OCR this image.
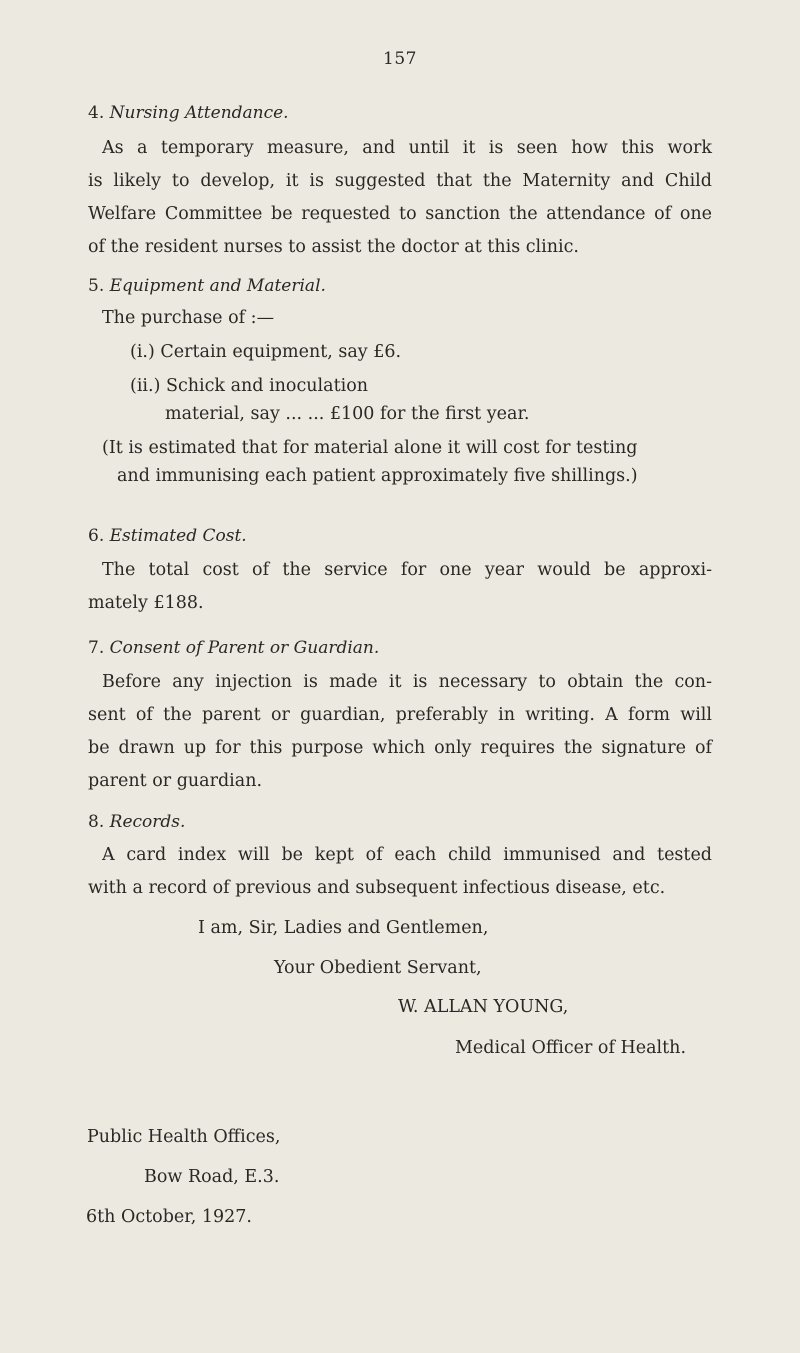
157
4. Nursing Attendance.
As a temporary measure, and until it is seen how this work
is likely to develop, it is suggested that the Maternity and Child
Welfare Committee be requested to sanction the attendance of one
of the resident nurses to assist the doctor at this clinic.
5. Equipment and Material.
The purchase of :—
(i.) Certain equipment, say £6.
(ii.) Schick and inoculation
material, say ... ... £100 for the first year.
(It is estimated that for material alone it will cost for testing
and immunising each patient approximately five shillings.)
6. Estimated Cost.
The total cost of the service for one year would be approxi-
mately £188.
7. Consent of Parent or Guardian.
Before any injection is made it is necessary to obtain the con-
sent of the parent or guardian, preferably in writing. A form will
be drawn up for this purpose which only requires the signature of
parent or guardian.
8. Records.
A card index will be kept of each child immunised and tested
with a record of previous and subsequent infectious disease, etc.
I am, Sir, Ladies and Gentlemen,
Your Obedient Servant,
W. ALLAN YOUNG,
Medical Officer of Health.
Public Health Offices,
Bow Road, E.3.
6th October, 1927.
